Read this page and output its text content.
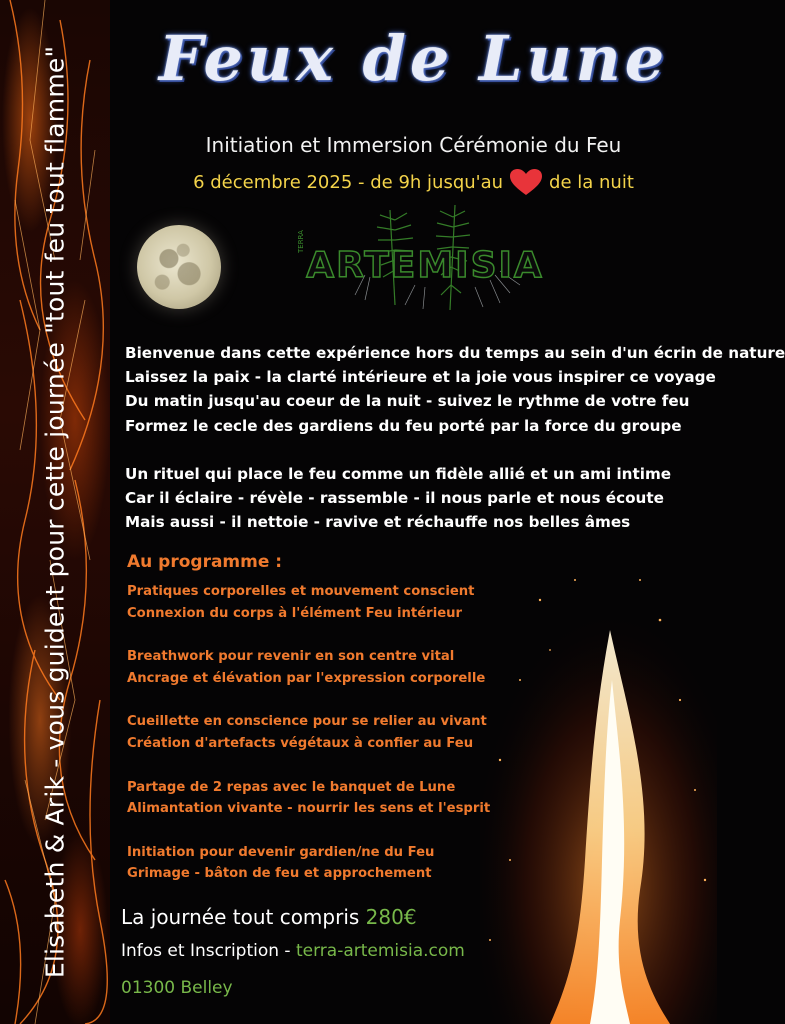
Elisabeth & Arik - vous guident pour cette journée "tout feu tout flamme"	Feux de Lune
Initiation et Immersion Cérémonie du Feu
6 décembre 2025 - de 9h jusqu'au	de la nuit
TERRA
ARTEMISIA

Bienvenue dans cette expérience hors du temps au sein d'un écrin de nature

Laissez la paix - la clarté intérieure et la joie vous inspirer ce voyage

Du matin jusqu'au coeur de la nuit - suivez le rythme de votre feu

Formez le cecle des gardiens du feu porté par la force du groupe

Un rituel qui place le feu comme un fidèle allié et un ami intime

Car il éclaire - révèle - rassemble - il nous parle et nous écoute

Mais aussi - il nettoie - ravive et réchauffe nos belles âmes

Au programme :

Pratiques corporelles et mouvement conscient

Connexion du corps à l'élément Feu intérieur

Breathwork pour revenir en son centre vital

Ancrage et élévation par l'expression corporelle

Cueillette en conscience pour se relier au vivant

Création d'artefacts végétaux à confier au Feu

Partage de 2 repas avec le banquet de Lune

Alimantation vivante - nourrir les sens et l'esprit

Initiation pour devenir gardien/ne du Feu

Grimage - bâton de feu et approchement

La journée tout compris 280€
Infos et Inscription - terra-artemisia.com
01300 Belley
